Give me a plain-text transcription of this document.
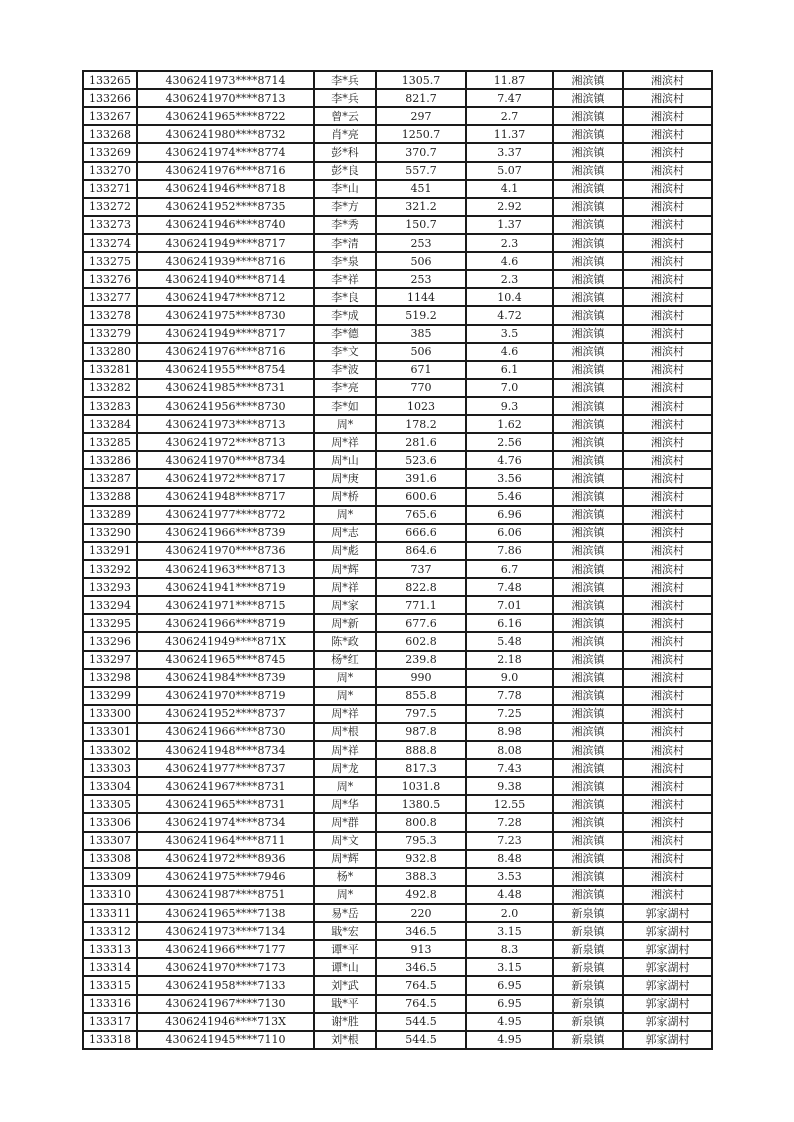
133265	4306241973****8714	李*兵	1305.7	11.87	湘滨镇	湘滨村
133266	4306241970****8713	李*兵	821.7	7.47	湘滨镇	湘滨村
133267	4306241965****8722	曾*云	297	2.7	湘滨镇	湘滨村
133268	4306241980****8732	肖*亮	1250.7	11.37	湘滨镇	湘滨村
133269	4306241974****8774	彭*科	370.7	3.37	湘滨镇	湘滨村
133270	4306241976****8716	彭*良	557.7	5.07	湘滨镇	湘滨村
133271	4306241946****8718	李*山	451	4.1	湘滨镇	湘滨村
133272	4306241952****8735	李*方	321.2	2.92	湘滨镇	湘滨村
133273	4306241946****8740	李*秀	150.7	1.37	湘滨镇	湘滨村
133274	4306241949****8717	李*清	253	2.3	湘滨镇	湘滨村
133275	4306241939****8716	李*泉	506	4.6	湘滨镇	湘滨村
133276	4306241940****8714	李*祥	253	2.3	湘滨镇	湘滨村
133277	4306241947****8712	李*良	1144	10.4	湘滨镇	湘滨村
133278	4306241975****8730	李*成	519.2	4.72	湘滨镇	湘滨村
133279	4306241949****8717	李*德	385	3.5	湘滨镇	湘滨村
133280	4306241976****8716	李*文	506	4.6	湘滨镇	湘滨村
133281	4306241955****8754	李*波	671	6.1	湘滨镇	湘滨村
133282	4306241985****8731	李*亮	770	7.0	湘滨镇	湘滨村
133283	4306241956****8730	李*如	1023	9.3	湘滨镇	湘滨村
133284	4306241973****8713	周*	178.2	1.62	湘滨镇	湘滨村
133285	4306241972****8713	周*祥	281.6	2.56	湘滨镇	湘滨村
133286	4306241970****8734	周*山	523.6	4.76	湘滨镇	湘滨村
133287	4306241972****8717	周*庚	391.6	3.56	湘滨镇	湘滨村
133288	4306241948****8717	周*桥	600.6	5.46	湘滨镇	湘滨村
133289	4306241977****8772	周*	765.6	6.96	湘滨镇	湘滨村
133290	4306241966****8739	周*志	666.6	6.06	湘滨镇	湘滨村
133291	4306241970****8736	周*彪	864.6	7.86	湘滨镇	湘滨村
133292	4306241963****8713	周*辉	737	6.7	湘滨镇	湘滨村
133293	4306241941****8719	周*祥	822.8	7.48	湘滨镇	湘滨村
133294	4306241971****8715	周*家	771.1	7.01	湘滨镇	湘滨村
133295	4306241966****8719	周*新	677.6	6.16	湘滨镇	湘滨村
133296	4306241949****871X	陈*政	602.8	5.48	湘滨镇	湘滨村
133297	4306241965****8745	杨*红	239.8	2.18	湘滨镇	湘滨村
133298	4306241984****8739	周*	990	9.0	湘滨镇	湘滨村
133299	4306241970****8719	周*	855.8	7.78	湘滨镇	湘滨村
133300	4306241952****8737	周*祥	797.5	7.25	湘滨镇	湘滨村
133301	4306241966****8730	周*根	987.8	8.98	湘滨镇	湘滨村
133302	4306241948****8734	周*祥	888.8	8.08	湘滨镇	湘滨村
133303	4306241977****8737	周*龙	817.3	7.43	湘滨镇	湘滨村
133304	4306241967****8731	周*	1031.8	9.38	湘滨镇	湘滨村
133305	4306241965****8731	周*华	1380.5	12.55	湘滨镇	湘滨村
133306	4306241974****8734	周*群	800.8	7.28	湘滨镇	湘滨村
133307	4306241964****8711	周*文	795.3	7.23	湘滨镇	湘滨村
133308	4306241972****8936	周*辉	932.8	8.48	湘滨镇	湘滨村
133309	4306241975****7946	杨*	388.3	3.53	湘滨镇	湘滨村
133310	4306241987****8751	周*	492.8	4.48	湘滨镇	湘滨村
133311	4306241965****7138	易*岳	220	2.0	新泉镇	郭家湖村
133312	4306241973****7134	戢*宏	346.5	3.15	新泉镇	郭家湖村
133313	4306241966****7177	谭*平	913	8.3	新泉镇	郭家湖村
133314	4306241970****7173	谭*山	346.5	3.15	新泉镇	郭家湖村
133315	4306241958****7133	刘*武	764.5	6.95	新泉镇	郭家湖村
133316	4306241967****7130	戢*平	764.5	6.95	新泉镇	郭家湖村
133317	4306241946****713X	谢*胜	544.5	4.95	新泉镇	郭家湖村
133318	4306241945****7110	刘*根	544.5	4.95	新泉镇	郭家湖村
